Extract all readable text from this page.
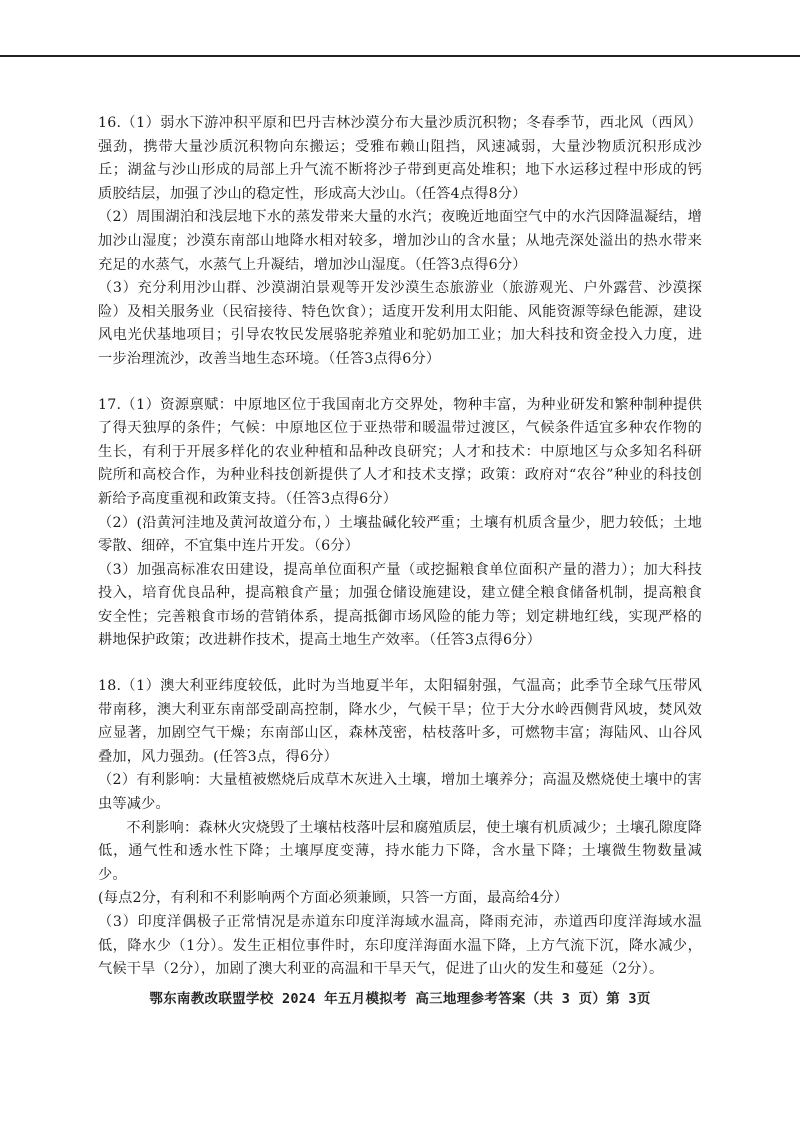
16.（1）弱水下游冲积平原和巴丹吉林沙漠分布大量沙质沉积物；冬春季节，西北风（西风）强劲，携带大量沙质沉积物向东搬运；受雅布赖山阻挡，风速减弱，大量沙物质沉积形成沙丘；湖盆与沙山形成的局部上升气流不断将沙子带到更高处堆积；地下水运移过程中形成的钙质胶结层，加强了沙山的稳定性，形成高大沙山。（任答4点得8分）

（2）周围湖泊和浅层地下水的蒸发带来大量的水汽；夜晚近地面空气中的水汽因降温凝结，增加沙山湿度；沙漠东南部山地降水相对较多，增加沙山的含水量；从地壳深处溢出的热水带来充足的水蒸气，水蒸气上升凝结，增加沙山湿度。（任答3点得6分）

（3）充分利用沙山群、沙漠湖泊景观等开发沙漠生态旅游业（旅游观光、户外露营、沙漠探险）及相关服务业（民宿接待、特色饮食）；适度开发利用太阳能、风能资源等绿色能源，建设风电光伏基地项目；引导农牧民发展骆驼养殖业和驼奶加工业；加大科技和资金投入力度，进一步治理流沙，改善当地生态环境。（任答3点得6分）

17.（1）资源禀赋：中原地区位于我国南北方交界处，物种丰富，为种业研发和繁种制种提供了得天独厚的条件；气候：中原地区位于亚热带和暖温带过渡区，气候条件适宜多种农作物的生长，有利于开展多样化的农业种植和品种改良研究；人才和技术：中原地区与众多知名科研院所和高校合作，为种业科技创新提供了人才和技术支撑；政策：政府对“农谷”种业的科技创新给予高度重视和政策支持。（任答3点得6分）

（2）(沿黄河洼地及黄河故道分布，）土壤盐碱化较严重；土壤有机质含量少，肥力较低；土地零散、细碎，不宜集中连片开发。（6分）

（3）加强高标准农田建设，提高单位面积产量（或挖掘粮食单位面积产量的潜力）；加大科技投入，培育优良品种，提高粮食产量；加强仓储设施建设，建立健全粮食储备机制，提高粮食安全性；完善粮食市场的营销体系，提高抵御市场风险的能力等；划定耕地红线，实现严格的耕地保护政策；改进耕作技术，提高土地生产效率。（任答3点得6分）

18.（1）澳大利亚纬度较低，此时为当地夏半年，太阳辐射强，气温高；此季节全球气压带风带南移，澳大利亚东南部受副高控制，降水少，气候干旱；位于大分水岭西侧背风坡，焚风效应显著，加剧空气干燥；东南部山区，森林茂密，枯枝落叶多，可燃物丰富；海陆风、山谷风叠加，风力强劲。(任答3点，得6分）

（2）有利影响：大量植被燃烧后成草木灰进入土壤，增加土壤养分；高温及燃烧使土壤中的害虫等减少。

不利影响：森林火灾烧毁了土壤枯枝落叶层和腐殖质层，使土壤有机质减少；土壤孔隙度降低，通气性和透水性下降；土壤厚度变薄，持水能力下降，含水量下降；土壤微生物数量减少。

(每点2分，有利和不利影响两个方面必须兼顾，只答一方面，最高给4分）

（3）印度洋偶极子正常情况是赤道东印度洋海域水温高，降雨充沛，赤道西印度洋海域水温低，降水少（1分）。发生正相位事件时，东印度洋海面水温下降，上方气流下沉，降水减少，气候干旱（2分），加剧了澳大利亚的高温和干旱天气，促进了山火的发生和蔓延（2分）。

鄂东南教改联盟学校 2024 年五月模拟考 高三地理参考答案（共 3 页）第 3页
